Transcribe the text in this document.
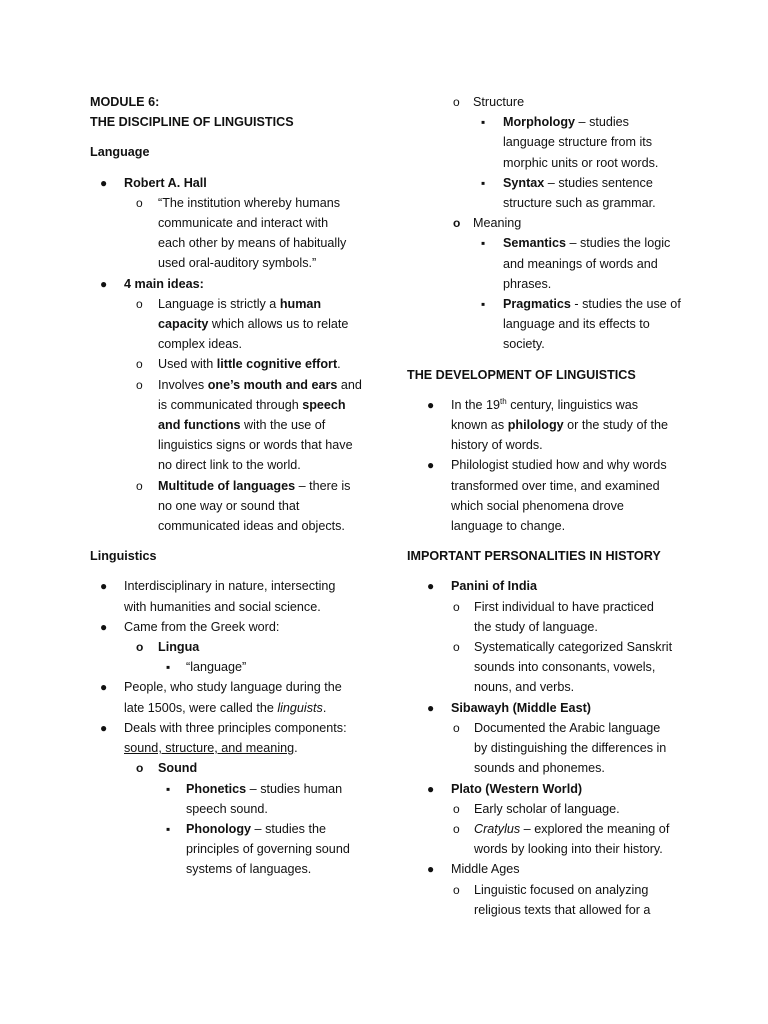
MODULE 6:
THE DISCIPLINE OF LINGUISTICS
Language
● Robert A. Hall
o “The institution whereby humans
communicate and interact with
each other by means of habitually
used oral-auditory symbols.”
● 4 main ideas:
o Language is strictly a human
capacity which allows us to relate
complex ideas.
o Used with little cognitive effort.
o Involves one’s mouth and ears and
is communicated through speech
and functions with the use of
linguistics signs or words that have
no direct link to the world.
o Multitude of languages – there is
no one way or sound that
communicated ideas and objects.
Linguistics
● Interdisciplinary in nature, intersecting
with humanities and social science.
● Came from the Greek word:
o Lingua
▪ “language”
● People, who study language during the
late 1500s, were called the linguists.
● Deals with three principles components:
sound, structure, and meaning.
o Sound
▪ Phonetics – studies human
speech sound.
▪ Phonology – studies the
principles of governing sound
systems of languages.
o Structure
▪ Morphology – studies
language structure from its
morphic units or root words.
▪ Syntax – studies sentence
structure such as grammar.
o Meaning
▪ Semantics – studies the logic
and meanings of words and
phrases.
▪ Pragmatics - studies the use of
language and its effects to
society.
THE DEVELOPMENT OF LINGUISTICS
● In the 19th century, linguistics was
known as philology or the study of the
history of words.
● Philologist studied how and why words
transformed over time, and examined
which social phenomena drove
language to change.
IMPORTANT PERSONALITIES IN HISTORY
● Panini of India
o First individual to have practiced
the study of language.
o Systematically categorized Sanskrit
sounds into consonants, vowels,
nouns, and verbs.
● Sibawayh (Middle East)
o Documented the Arabic language
by distinguishing the differences in
sounds and phonemes.
● Plato (Western World)
o Early scholar of language.
o Cratylus – explored the meaning of
words by looking into their history.
● Middle Ages
o Linguistic focused on analyzing
religious texts that allowed for a
